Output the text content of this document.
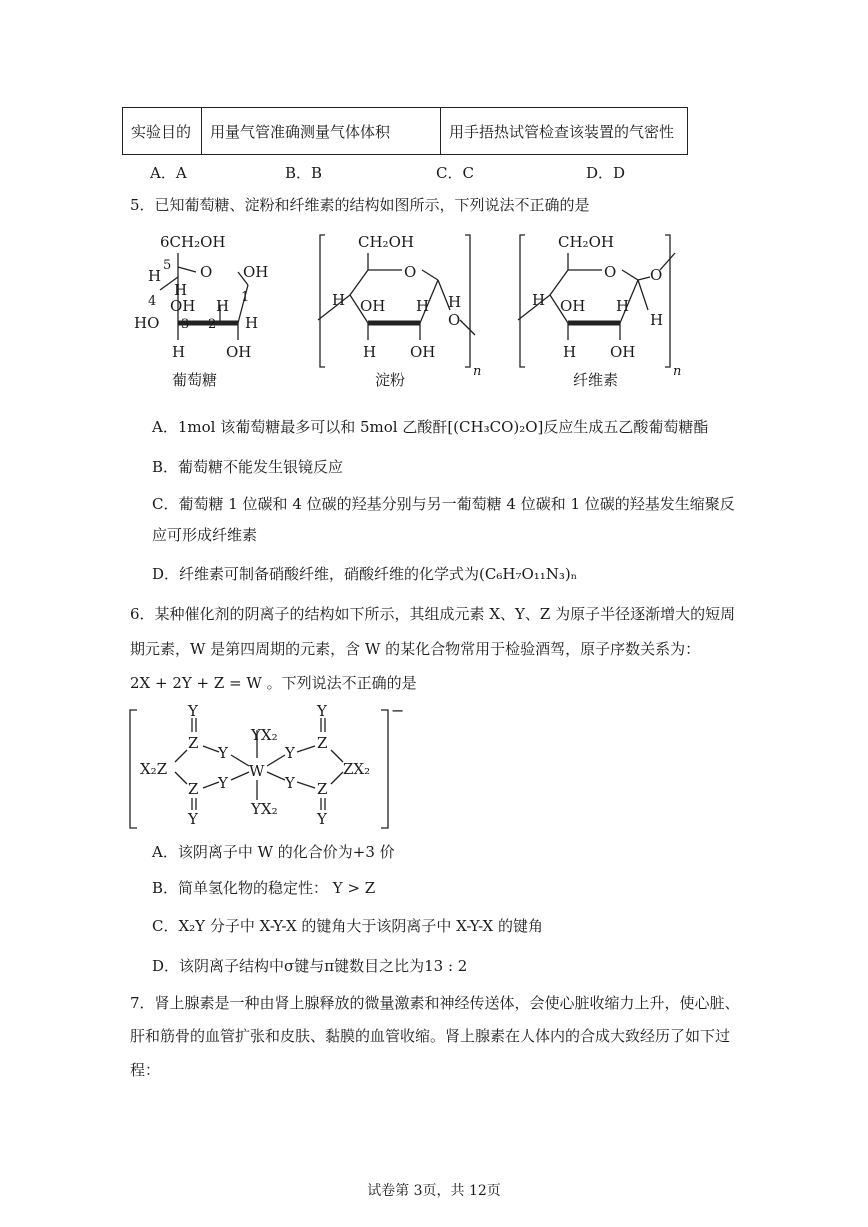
实验目的	用量气管准确测量气体体积	用手捂热试管检查该装置的气密性
A．A	B．B	C．C	D．D
5．已知葡萄糖、淀粉和纤维素的结构如图所示，下列说法不正确的是
6CH₂OH
5 O OH
H
H
4 OH	1
HO 3 2
H
H
H	OH
葡萄糖
CH₂OH
O
H OH	H
H
O
H OH
n
淀粉
CH₂OH
O O
H OH H
H
H OH
n
纤维素
A．1mol 该葡萄糖最多可以和 5mol 乙酸酐[(CH₃CO)₂O]反应生成五乙酸葡萄糖酯
B．葡萄糖不能发生银镜反应
C．葡萄糖 1 位碳和 4 位碳的羟基分别与另一葡萄糖 4 位碳和 1 位碳的羟基发生缩聚反
应可形成纤维素
D．纤维素可制备硝酸纤维，硝酸纤维的化学式为(C₆H₇O₁₁N₃)ₙ
6．某种催化剂的阴离子的结构如下所示，其组成元素 X、Y、Z 为原子半径逐渐增大的短周
期元素，W 是第四周期的元素，含 W 的某化合物常用于检验酒驾，原子序数关系为：
2X + 2Y + Z = W 。下列说法不正确的是
Y
Z
Y
YX₂
Y
Y
Z
X₂Z	W	ZX₂
Z Y	Y Z
YX₂
Y	Y
−
A．该阴离子中 W 的化合价为+3 价
B．简单氢化物的稳定性： Y > Z
C．X₂Y 分子中 X-Y-X 的键角大于该阴离子中 X-Y-X 的键角
D．该阴离子结构中σ键与π键数目之比为13 : 2
7．肾上腺素是一种由肾上腺释放的微量激素和神经传送体，会使心脏收缩力上升，使心脏、
肝和筋骨的血管扩张和皮肤、黏膜的血管收缩。肾上腺素在人体内的合成大致经历了如下过
程：
试卷第 3页，共 12页
